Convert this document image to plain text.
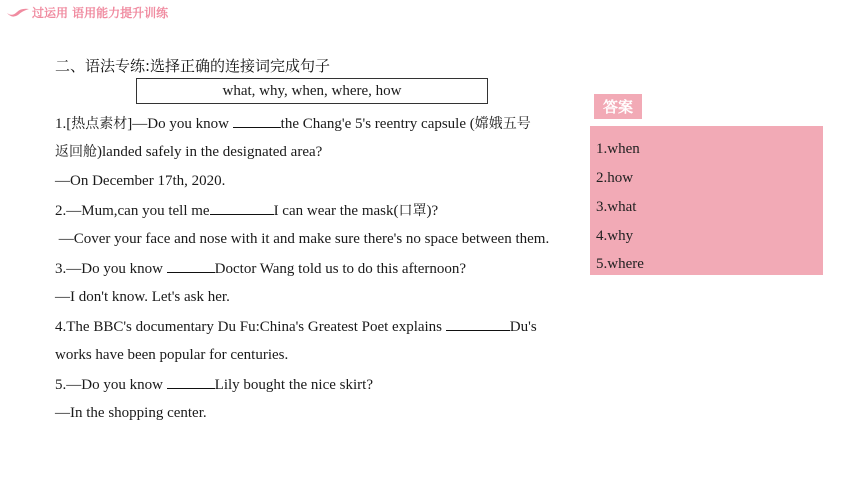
过运用 语用能力提升训练
二、语法专练:选择正确的连接词完成句子
what, why, when, where, how
1.[热点素材]—Do you know	the Chang'e 5's reentry capsule (嫦娥五号
返回舱)landed safely in the designated area?
—On December 17th, 2020.
2.—Mum,can you tell me	I can wear the mask(口罩)?
—Cover your face and nose with it and make sure there's no space between them.
3.—Do you know	Doctor Wang told us to do this afternoon?
—I don't know. Let's ask her.
4.The BBC's documentary Du Fu:China's Greatest Poet explains	Du's
works have been popular for centuries.
5.—Do you know	Lily bought the nice skirt?
—In the shopping center.
答案
1.when
2.how
3.what
4.why
5.where
